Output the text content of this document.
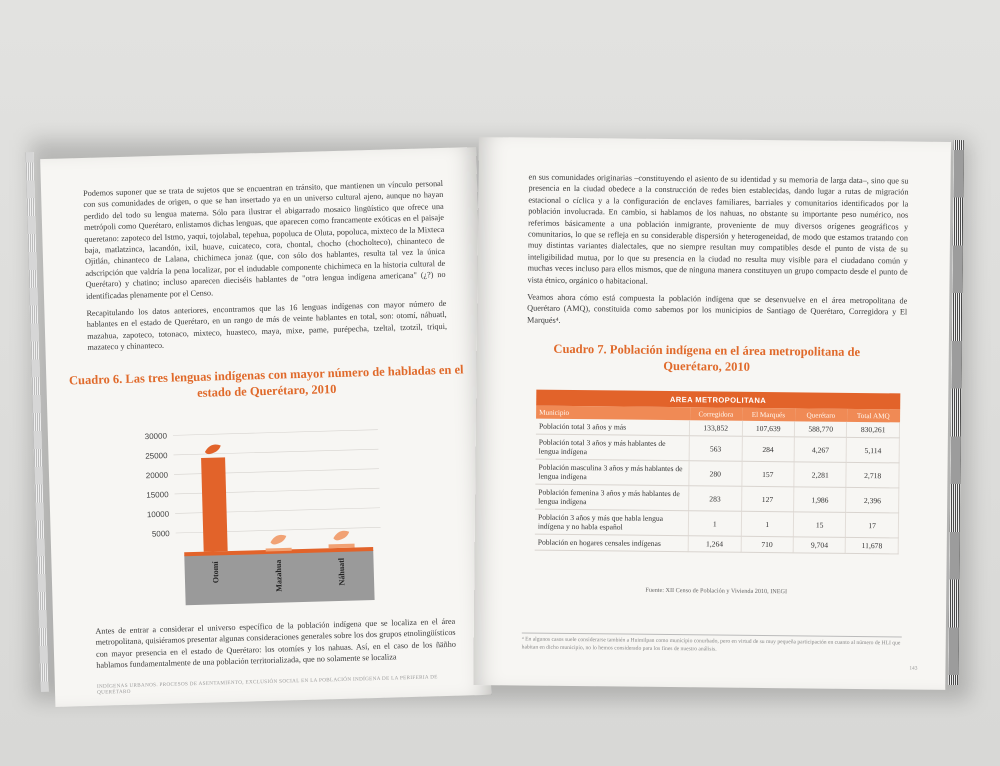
Podemos suponer que se trata de sujetos que se encuentran en tránsito, que mantienen un vínculo personal con sus comunidades de origen, o que se han insertado ya en un universo cultural ajeno, aunque no hayan perdido del todo su lengua materna. Sólo para ilustrar el abigarrado mosaico lingüístico que ofrece una metrópoli como Querétaro, enlistamos dichas lenguas, que aparecen como francamente exóticas en el paisaje queretano: zapoteco del Istmo, yaqui, tojolabal, tepehua, popoluca de Oluta, popoluca, mixteco de la Mixteca baja, matlatzinca, lacandón, ixil, huave, cuicateco, cora, chontal, chocho (chocholteco), chinanteco de Ojitlán, chinanteco de Lalana, chichimeca jonaz (que, con sólo dos hablantes, resulta tal vez la única adscripción que valdría la pena localizar, por el indudable componente chichimeca en la historia cultural de Querétaro) y chatino; incluso aparecen dieciséis hablantes de "otra lengua indígena americana" (¿?) no identificadas plenamente por el Censo.

Recapitulando los datos anteriores, encontramos que las 16 lenguas indígenas con mayor número de hablantes en el estado de Querétaro, en un rango de más de veinte hablantes en total, son: otomí, náhuatl, mazahua, zapoteco, totonaco, mixteco, huasteco, maya, mixe, pame, purépecha, tzeltal, tzotzil, triqui, mazateco y chinanteco.

Cuadro 6. Las tres lenguas indígenas con mayor número de habladas en el estado de Querétaro, 2010
5000
10000
15000
20000
25000
30000
Otomí	Mazahua	Náhuatl

Antes de entrar a considerar el universo específico de la población indígena que se localiza en el área metropolitana, quisiéramos presentar algunas consideraciones generales sobre los dos grupos etnolingüísticos con mayor presencia en el estado de Querétaro: los otomíes y los nahuas. Así, en el caso de los ñäñho hablamos fundamentalmente de una población territorializada, que no solamente se localiza

INDÍGENAS URBANOS. PROCESOS DE ASENTAMIENTO, EXCLUSIÓN SOCIAL EN LA POBLACIÓN INDÍGENA DE LA PERIFERIA DE QUERÉTARO

en sus comunidades originarias –constituyendo el asiento de su identidad y su memoria de larga data–, sino que su presencia en la ciudad obedece a la construcción de redes bien establecidas, dando lugar a rutas de migración estacional o cíclica y a la configuración de enclaves familiares, barriales y comunitarios identificados por la población involucrada. En cambio, si hablamos de los nahuas, no obstante su importante peso numérico, nos referimos básicamente a una población inmigrante, proveniente de muy diversos orígenes geográficos y comunitarios, lo que se refleja en su considerable dispersión y heterogeneidad, de modo que estamos tratando con muy distintas variantes dialectales, que no siempre resultan muy compatibles desde el punto de vista de su inteligibilidad mutua, por lo que su presencia en la ciudad no resulta muy visible para el ciudadano común y muchas veces incluso para ellos mismos, que de ninguna manera constituyen un grupo compacto desde el punto de vista étnico, orgánico o habitacional.

Veamos ahora cómo está compuesta la población indígena que se desenvuelve en el área metropolitana de Querétaro (AMQ), constituida como sabemos por los municipios de Santiago de Querétaro, Corregidora y El Marqués⁴.

Cuadro 7. Población indígena en el área metropolitana de Querétaro, 2010
AREA METROPOLITANA				
Municipio	Corregidora	El Marqués	Querétaro	Total AMQ
Población total 3 años y más	133,852	107,639	588,770	830,261
Población total 3 años y más hablantes de lengua indígena	563	284	4,267	5,114
Población masculina 3 años y más hablantes de lengua indígena	280	157	2,281	2,718
Población femenina 3 años y más hablantes de lengua indígena	283	127	1,986	2,396
Población 3 años y más que habla lengua indígena y no habla español	1	1	15	17
Población en hogares censales indígenas	1,264	710	9,704	11,678
Fuente: XII Censo de Población y Vivienda 2010, INEGI
⁴ En algunos casos suele considerarse también a Huimilpan como municipio conurbado, pero en virtud de su muy pequeña participación en cuanto al número de HLI que habitan en dicho municipio, no lo hemos considerado para los fines de nuestro análisis.
143
